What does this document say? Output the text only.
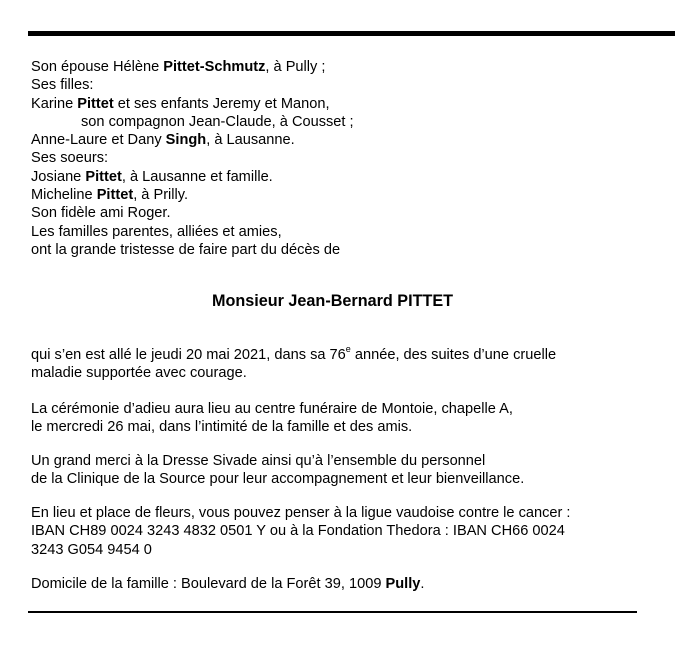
Son épouse Hélène Pittet-Schmutz, à Pully ;
Ses filles:
Karine Pittet et ses enfants Jeremy et Manon,
son compagnon Jean-Claude, à Cousset ;
Anne-Laure et Dany Singh, à Lausanne.
Ses soeurs:
Josiane Pittet, à Lausanne et famille.
Micheline Pittet, à Prilly.
Son fidèle ami Roger.
Les familles parentes, alliées et amies,
ont la grande tristesse de faire part du décès de
Monsieur Jean-Bernard PITTET
qui s’en est allé le jeudi 20 mai 2021, dans sa 76e année, des suites d’une cruelle
maladie supportée avec courage.
La cérémonie d’adieu aura lieu au centre funéraire de Montoie, chapelle A,
le mercredi 26 mai, dans l’intimité de la famille et des amis.
Un grand merci à la Dresse Sivade ainsi qu’à l’ensemble du personnel
de la Clinique de la Source pour leur accompagnement et leur bienveillance.
En lieu et place de fleurs, vous pouvez penser à la ligue vaudoise contre le cancer :
IBAN CH89 0024 3243 4832 0501 Y ou à la Fondation Thedora : IBAN CH66 0024
3243 G054 9454 0
Domicile de la famille : Boulevard de la Forêt 39, 1009 Pully.
